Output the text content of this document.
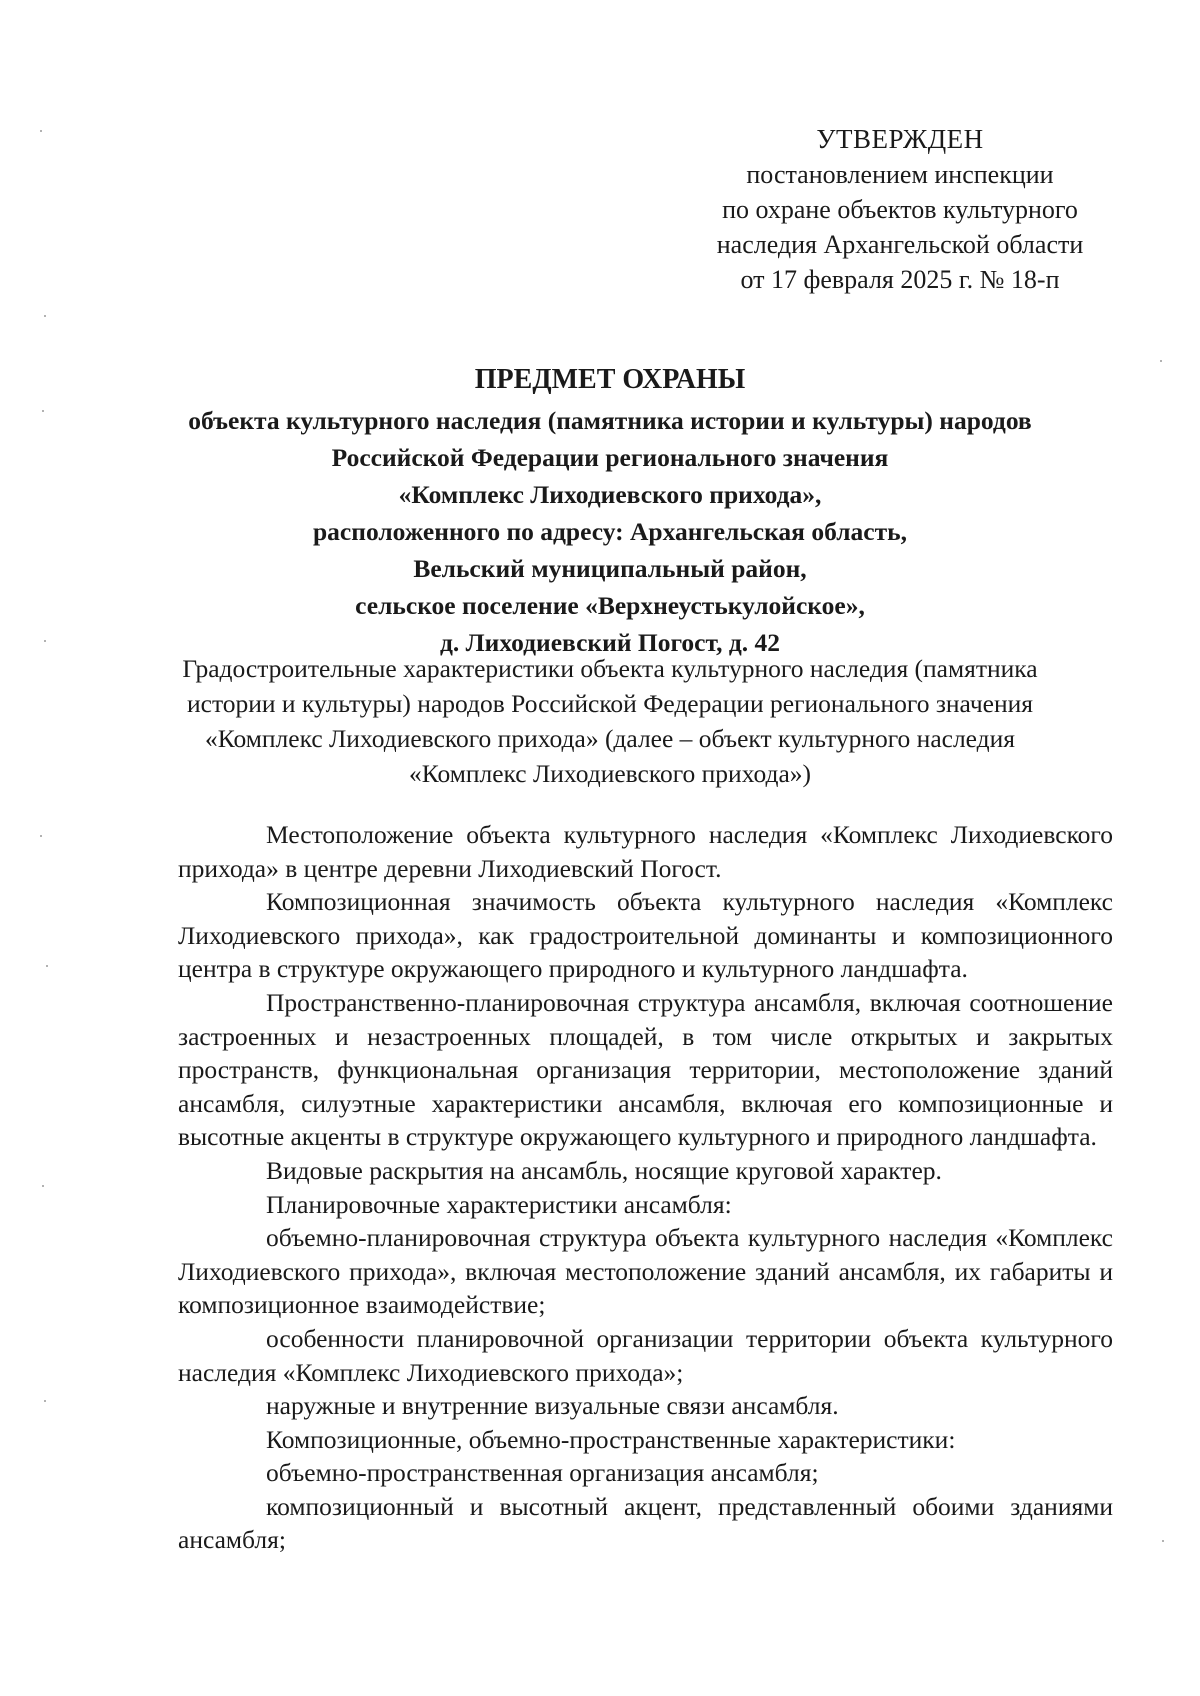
УТВЕРЖДЕН
постановлением инспекции
по охране объектов культурного
наследия Архангельской области
от 17 февраля 2025 г. № 18-п
ПРЕДМЕТ ОХРАНЫ
объекта культурного наследия (памятника истории и культуры) народов
Российской Федерации регионального значения
«Комплекс Лиходиевского прихода»,
расположенного по адресу: Архангельская область,
Вельский муниципальный район,
сельское поселение «Верхнеустькулойское»,
д. Лиходиевский Погост, д. 42
Градостроительные характеристики объекта культурного наследия (памятника истории и культуры) народов Российской Федерации регионального значения «Комплекс Лиходиевского прихода» (далее – объект культурного наследия «Комплекс Лиходиевского прихода»)

Местоположение объекта культурного наследия «Комплекс Лиходиевского прихода» в центре деревни Лиходиевский Погост.

Композиционная значимость объекта культурного наследия «Комплекс Лиходиевского прихода», как градостроительной доминанты и композиционного центра в структуре окружающего природного и культурного ландшафта.

Пространственно-планировочная структура ансамбля, включая соотношение застроенных и незастроенных площадей, в том числе открытых и закрытых пространств, функциональная организация территории, местоположение зданий ансамбля, силуэтные характеристики ансамбля, включая его композиционные и высотные акценты в структуре окружающего культурного и природного ландшафта.

Видовые раскрытия на ансамбль, носящие круговой характер.

Планировочные характеристики ансамбля:

объемно-планировочная структура объекта культурного наследия «Комплекс Лиходиевского прихода», включая местоположение зданий ансамбля, их габариты и композиционное взаимодействие;

особенности планировочной организации территории объекта культурного наследия «Комплекс Лиходиевского прихода»;

наружные и внутренние визуальные связи ансамбля.

Композиционные, объемно-пространственные характеристики:

объемно-пространственная организация ансамбля;

композиционный и высотный акцент, представленный обоими зданиями ансамбля;
